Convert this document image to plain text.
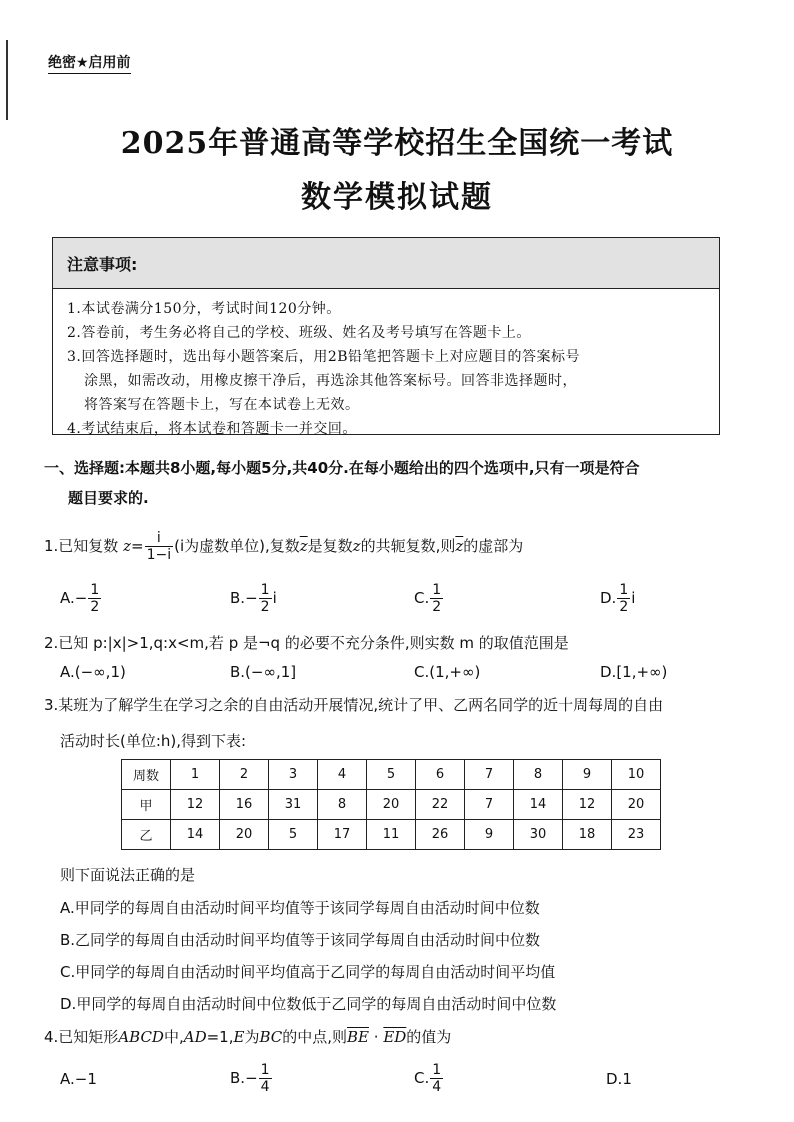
绝密★启用前
2025年普通高等学校招生全国统一考试
数学模拟试题
注意事项:

1.本试卷满分150分，考试时间120分钟。

2.答卷前，考生务必将自己的学校、班级、姓名及考号填写在答题卡上。

3.回答选择题时，选出每小题答案后，用2B铅笔把答题卡上对应题目的答案标号

涂黑，如需改动，用橡皮擦干净后，再选涂其他答案标号。回答非选择题时，

将答案写在答题卡上，写在本试卷上无效。

4.考试结束后，将本试卷和答题卡一并交回。

一、选择题:本题共8小题,每小题5分,共40分.在每小题给出的四个选项中,只有一项是符合
题目要求的.
1.已知复数 $z= \frac{i}{1-i} (i$为虚数单位),复数$\overline{z}$是复数z的共轭复数,则$\overline{z}$的虚部为
$A.- \frac{1}{2}$	$B.- \frac{1}{2}$ i	C. $\frac{1}{2}$	D. $\frac{1}{2}$ i
2.已知 p:|x|>1,q:x<m,若 p 是¬q 的必要不充分条件,则实数 m 的取值范围是
A.(−∞,1)	B.(−∞,1]	C.(1,+∞)	D.[1,+∞)
3.某班为了解学生在学习之余的自由活动开展情况,统计了甲、乙两名同学的近十周每周的自由
活动时长(单位:h),得到下表:
周数	1	2	3	4	5	6	7	8	9	10
甲	12	16	31	8	20	22	7	14	12	20
乙	14	20	5	17	11	26	9	30	18	23
则下面说法正确的是
A.甲同学的每周自由活动时间平均值等于该同学每周自由活动时间中位数
B.乙同学的每周自由活动时间平均值等于该同学每周自由活动时间中位数
C.甲同学的每周自由活动时间平均值高于乙同学的每周自由活动时间平均值
D.甲同学的每周自由活动时间中位数低于乙同学的每周自由活动时间中位数
4.已知矩形ABCD中,AD=1,E为BC的中点,则$\overline{BE} \cdot \overline{ED}$的值为
A.−1	$B.- \frac{1}{4}$	C. $\frac{1}{4}$	D.1
